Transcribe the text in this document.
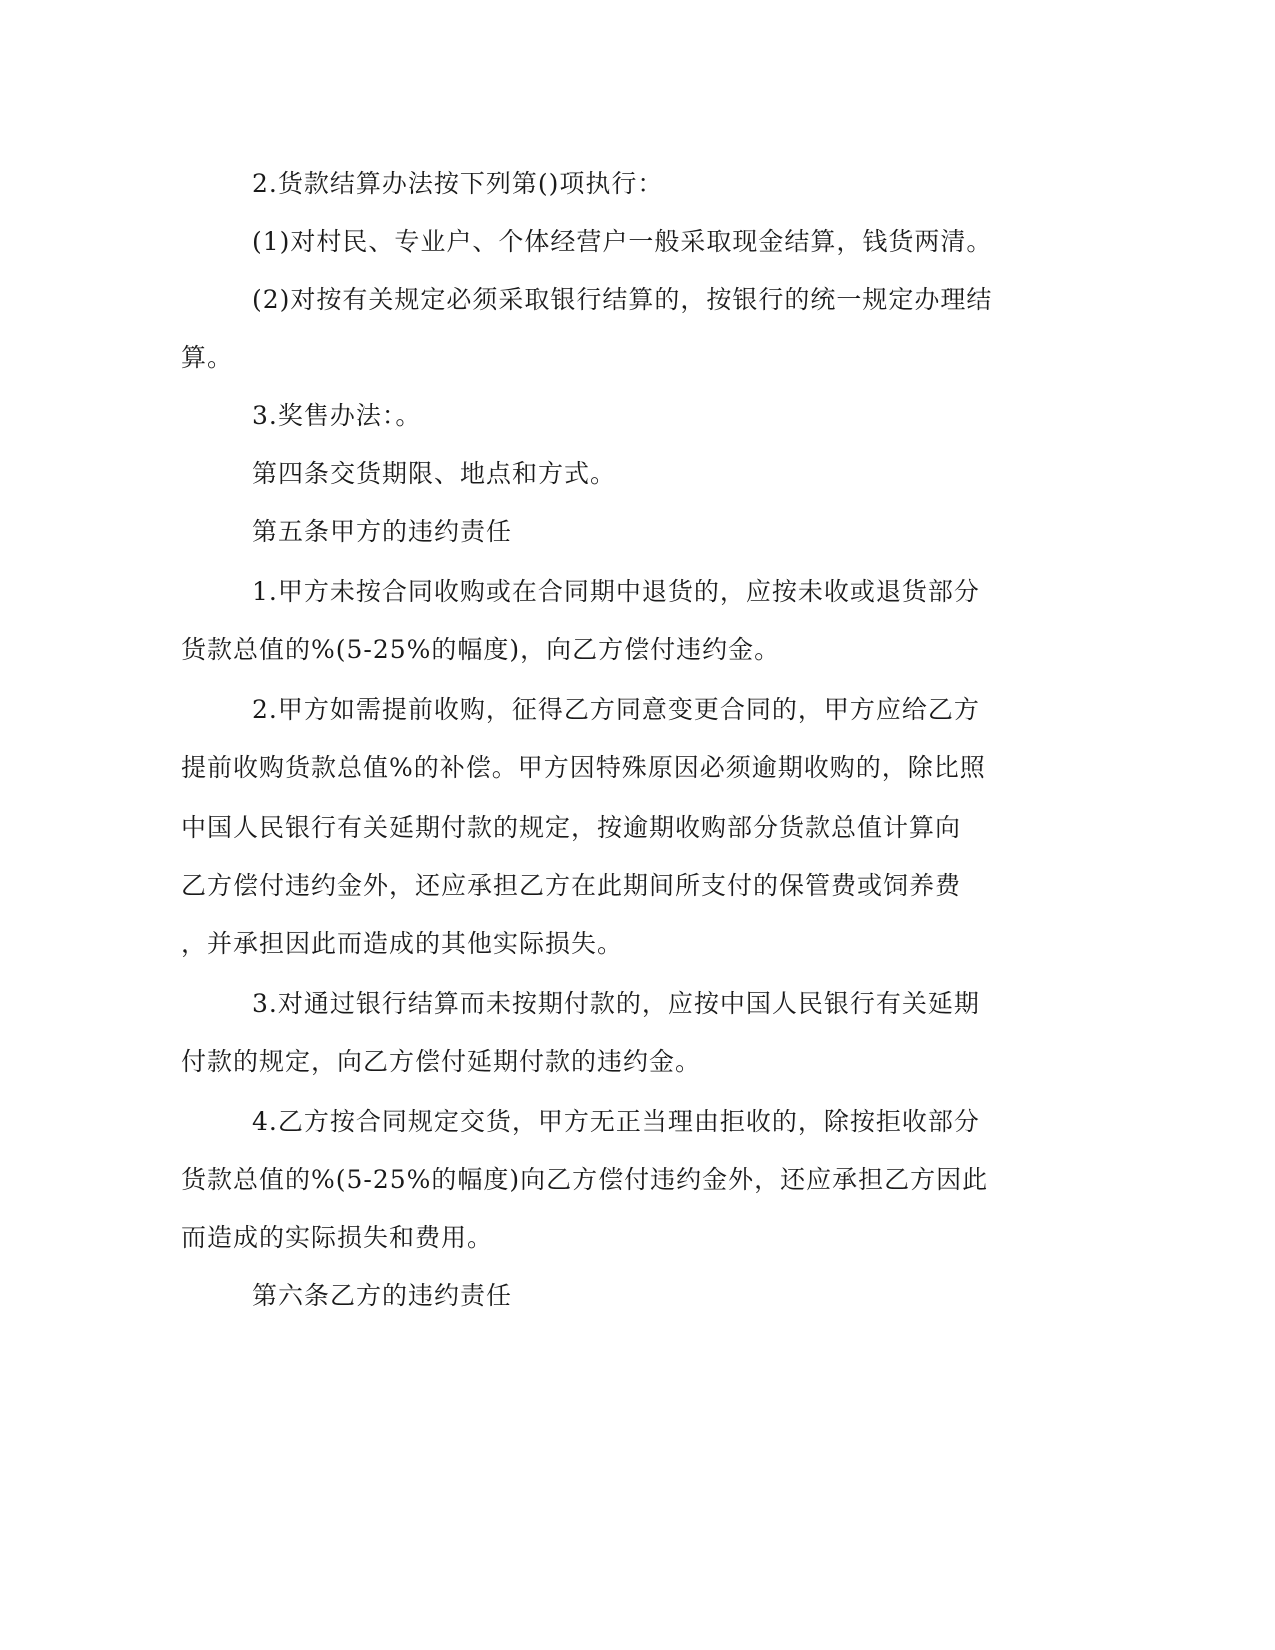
2.货款结算办法按下列第()项执行：
(1)对村民、专业户、个体经营户一般采取现金结算，钱货两清。
(2)对按有关规定必须采取银行结算的，按银行的统一规定办理结
算。
3.奖售办法：。
第四条交货期限、地点和方式。
第五条甲方的违约责任
1.甲方未按合同收购或在合同期中退货的，应按未收或退货部分
货款总值的%(5-25%的幅度)，向乙方偿付违约金。
2.甲方如需提前收购，征得乙方同意变更合同的，甲方应给乙方
提前收购货款总值%的补偿。甲方因特殊原因必须逾期收购的，除比照
中国人民银行有关延期付款的规定，按逾期收购部分货款总值计算向
乙方偿付违约金外，还应承担乙方在此期间所支付的保管费或饲养费
，并承担因此而造成的其他实际损失。
3.对通过银行结算而未按期付款的，应按中国人民银行有关延期
付款的规定，向乙方偿付延期付款的违约金。
4.乙方按合同规定交货，甲方无正当理由拒收的，除按拒收部分
货款总值的%(5-25%的幅度)向乙方偿付违约金外，还应承担乙方因此
而造成的实际损失和费用。
第六条乙方的违约责任
